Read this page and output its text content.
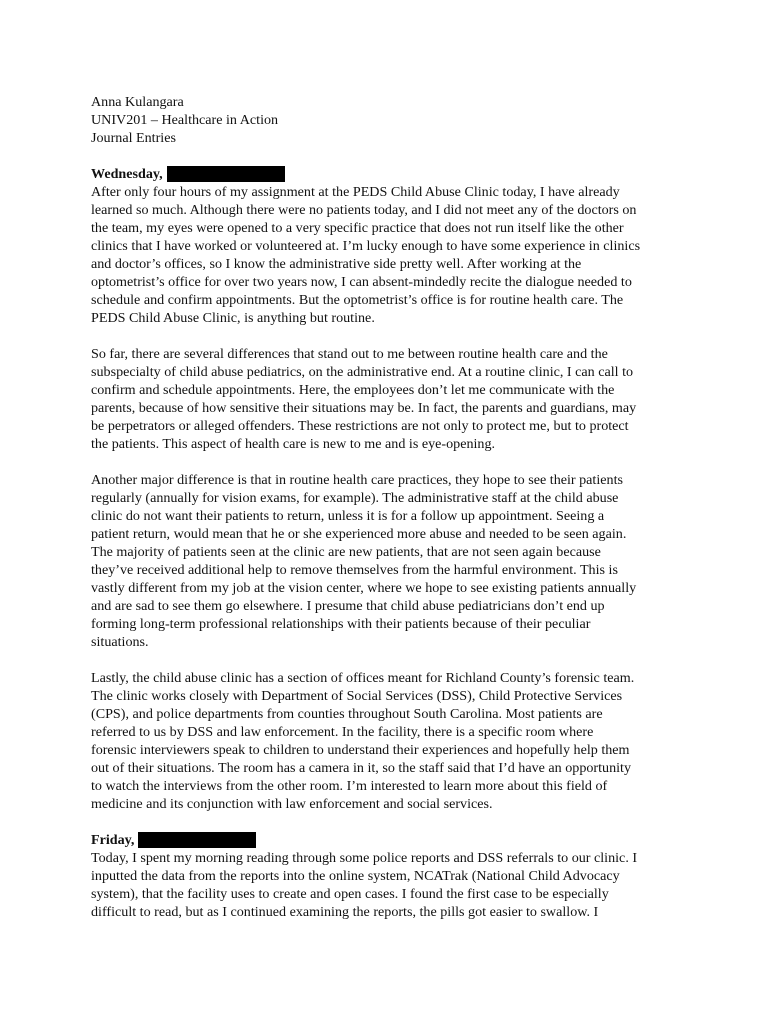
Anna Kulangara

UNIV201 – Healthcare in Action

Journal Entries

Wednesday,

After only four hours of my assignment at the PEDS Child Abuse Clinic today, I have already
learned so much. Although there were no patients today, and I did not meet any of the doctors on
the team, my eyes were opened to a very specific practice that does not run itself like the other
clinics that I have worked or volunteered at. I’m lucky enough to have some experience in clinics
and doctor’s offices, so I know the administrative side pretty well. After working at the
optometrist’s office for over two years now, I can absent-mindedly recite the dialogue needed to
schedule and confirm appointments. But the optometrist’s office is for routine health care. The
PEDS Child Abuse Clinic, is anything but routine.

So far, there are several differences that stand out to me between routine health care and the
subspecialty of child abuse pediatrics, on the administrative end. At a routine clinic, I can call to
confirm and schedule appointments. Here, the employees don’t let me communicate with the
parents, because of how sensitive their situations may be. In fact, the parents and guardians, may
be perpetrators or alleged offenders. These restrictions are not only to protect me, but to protect
the patients. This aspect of health care is new to me and is eye-opening.

Another major difference is that in routine health care practices, they hope to see their patients
regularly (annually for vision exams, for example). The administrative staff at the child abuse
clinic do not want their patients to return, unless it is for a follow up appointment. Seeing a
patient return, would mean that he or she experienced more abuse and needed to be seen again.
The majority of patients seen at the clinic are new patients, that are not seen again because
they’ve received additional help to remove themselves from the harmful environment. This is
vastly different from my job at the vision center, where we hope to see existing patients annually
and are sad to see them go elsewhere. I presume that child abuse pediatricians don’t end up
forming long-term professional relationships with their patients because of their peculiar
situations.

Lastly, the child abuse clinic has a section of offices meant for Richland County’s forensic team.
The clinic works closely with Department of Social Services (DSS), Child Protective Services
(CPS), and police departments from counties throughout South Carolina. Most patients are
referred to us by DSS and law enforcement. In the facility, there is a specific room where
forensic interviewers speak to children to understand their experiences and hopefully help them
out of their situations. The room has a camera in it, so the staff said that I’d have an opportunity
to watch the interviews from the other room. I’m interested to learn more about this field of
medicine and its conjunction with law enforcement and social services.

Friday,

Today, I spent my morning reading through some police reports and DSS referrals to our clinic. I
inputted the data from the reports into the online system, NCATrak (National Child Advocacy
system), that the facility uses to create and open cases. I found the first case to be especially
difficult to read, but as I continued examining the reports, the pills got easier to swallow. I
